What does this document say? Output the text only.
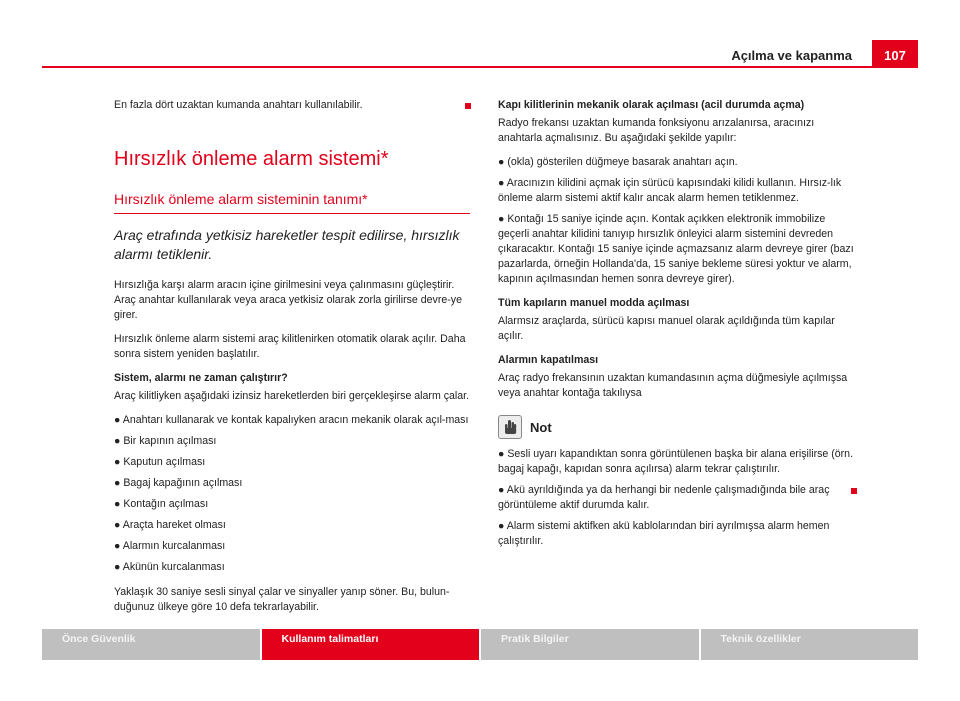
Açılma ve kapanma	107

En fazla dört uzaktan kumanda anahtarı kullanılabilir.

Hırsızlık önleme alarm sistemi*
Hırsızlık önleme alarm sisteminin tanımı*
Araç etrafında yetkisiz hareketler tespit edilirse, hırsızlık alarmı tetiklenir.

Hırsızlığa karşı alarm aracın içine girilmesini veya çalınmasını güçleştirir. Araç anahtar kullanılarak veya araca yetkisiz olarak zorla girilirse devre-ye girer.

Hırsızlık önleme alarm sistemi araç kilitlenirken otomatik olarak açılır. Daha sonra sistem yeniden başlatılır.

Sistem, alarmı ne zaman çalıştırır?

Araç kilitliyken aşağıdaki izinsiz hareketlerden biri gerçekleşirse alarm çalar.

● Anahtarı kullanarak ve kontak kapalıyken aracın mekanik olarak açıl-ması
● Bir kapının açılması
● Kaputun açılması
● Bagaj kapağının açılması
● Kontağın açılması
● Araçta hareket olması
● Alarmın kurcalanması
● Akünün kurcalanması

Yaklaşık 30 saniye sesli sinyal çalar ve sinyaller yanıp söner. Bu, bulun-duğunuz ülkeye göre 10 defa tekrarlayabilir.

Kapı kilitlerinin mekanik olarak açılması (acil durumda açma)

Radyo frekansı uzaktan kumanda fonksiyonu arızalanırsa, aracınızı anahtarla açmalısınız. Bu aşağıdaki şekilde yapılır:

● (okla) gösterilen düğmeye basarak anahtarı açın.
● Aracınızın kilidini açmak için sürücü kapısındaki kilidi kullanın. Hırsız-lık önleme alarm sistemi aktif kalır ancak alarm hemen tetiklenmez.
● Kontağı 15 saniye içinde açın. Kontak açıkken elektronik immobilize geçerli anahtar kilidini tanıyıp hırsızlık önleyici alarm sistemini devreden çıkaracaktır. Kontağı 15 saniye içinde açmazsanız alarm devreye girer (bazı pazarlarda, örneğin Hollanda'da, 15 saniye bekleme süresi yoktur ve alarm, kapının açılmasından hemen sonra devreye girer).

Tüm kapıların manuel modda açılması

Alarmsız araçlarda, sürücü kapısı manuel olarak açıldığında tüm kapılar açılır.

Alarmın kapatılması

Araç radyo frekansının uzaktan kumandasının açma düğmesiyle açılmışsa veya anahtar kontağa takılıysa

Not
● Sesli uyarı kapandıktan sonra görüntülenen başka bir alana erişilirse (örn. bagaj kapağı, kapıdan sonra açılırsa) alarm tekrar çalıştırılır.
● Akü ayrıldığında ya da herhangi bir nedenle çalışmadığında bile araç görüntüleme aktif durumda kalır.
● Alarm sistemi aktifken akü kablolarından biri ayrılmışsa alarm hemen çalıştırılır.
Önce Güvenlik	Kullanım talimatları	Pratik Bilgiler	Teknik özellikler
